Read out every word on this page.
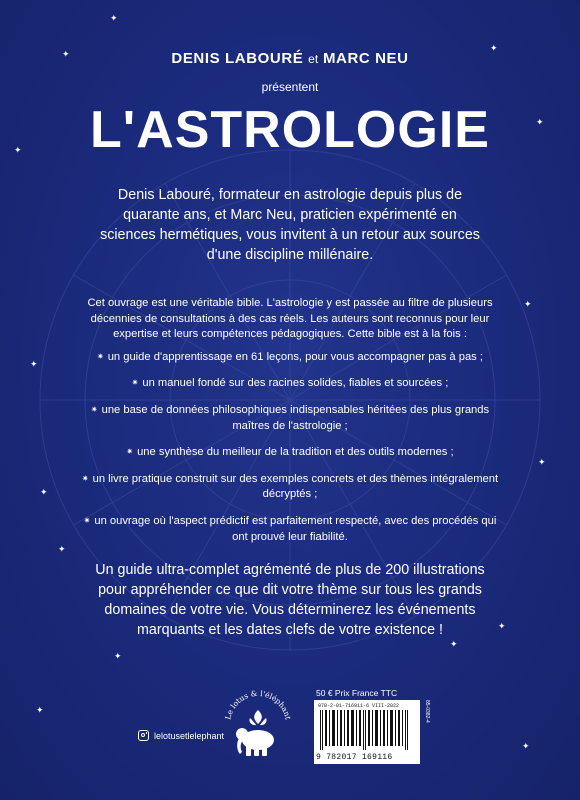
✦
✦
✦
✦
✦
✦
✦
✦
✦
✦
✦
✦
✦
✦
✦
DENIS LABOURÉ et MARC NEU
présentent
L'ASTROLOGIE
Denis Labouré, formateur en astrologie depuis plus de quarante ans, et Marc Neu, praticien expérimenté en sciences hermétiques, vous invitent à un retour aux sources d'une discipline millénaire.

Cet ouvrage est une véritable bible. L'astrologie y est passée au filtre de plusieurs décennies de consultations à des cas réels. Les auteurs sont reconnus pour leur expertise et leurs compétences pédagogiques. Cette bible est à la fois :

✷ un guide d'apprentissage en 61 leçons, pour vous accompagner pas à pas ;
✷ un manuel fondé sur des racines solides, fiables et sourcées ;
✷ une base de données philosophiques indispensables héritées des plus grands maîtres de l'astrologie ;
✷ une synthèse du meilleur de la tradition et des outils modernes ;
✷ un livre pratique construit sur des exemples concrets et des thèmes intégralement décryptés ;
✷ un ouvrage où l'aspect prédictif est parfaitement respecté, avec des procédés qui ont prouvé leur fiabilité.
Un guide ultra-complet agrémenté de plus de 200 illustrations pour appréhender ce que dit votre thème sur tous les grands domaines de votre vie. Vous déterminerez les événements marquants et les dates clefs de votre existence !
lelotusetlelephant
Le lotus & l'éléphant
50 € Prix France TTC
978-2-01-716911-6 VIII-2022
9 782017 169116
85-0382-4
